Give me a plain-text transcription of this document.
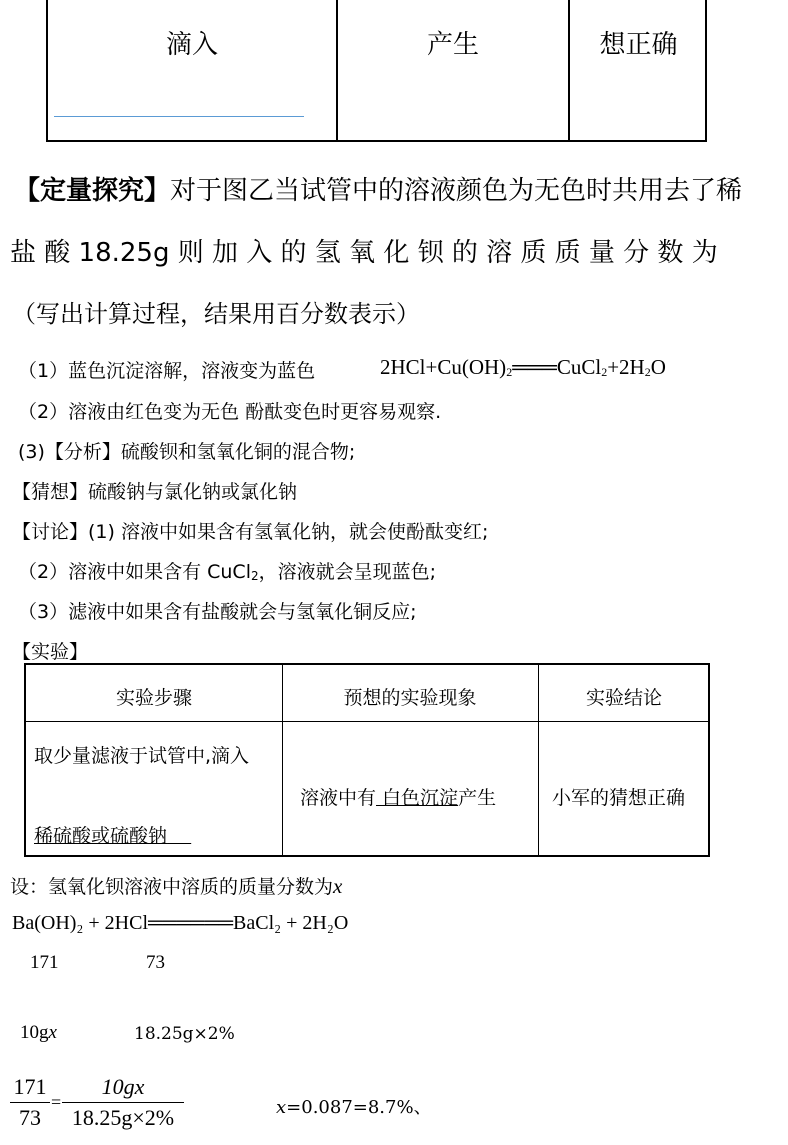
滴入	产生	想正确
【定量探究】对于图乙当试管中的溶液颜色为无色时共用去了稀
盐 酸 18.25g 则 加 入 的 氢 氧 化 钡 的 溶 质 质 量 分 数 为
（写出计算过程，结果用百分数表示）
（1）蓝色沉淀溶解，溶液变为蓝色	$2HCl+Cu(OH)_2═══CuCl_2+2H_2O$
（2）溶液由红色变为无色 酚酞变色时更容易观察.
(3)【分析】硫酸钡和氢氧化铜的混合物;
【猜想】硫酸钠与氯化钠或氯化钠
【讨论】(1) 溶液中如果含有氢氧化钠，就会使酚酞变红;
（2）溶液中如果含有 CuCl$_2$，溶液就会呈现蓝色;
（3）滤液中如果含有盐酸就会与氢氧化铜反应;
【实验】
实验步骤	预想的实验现象	实验结论
取少量滤液于试管中,滴入
稀硫酸或硫酸钠
溶液中有 白色沉淀产生	小军的猜想正确
设：氢氧化钡溶液中溶质的质量分数为x
Ba(OH)₂ + 2HCl══════BaCl₂ + 2H₂O
171	73
10gx	18.25g×2%
171
73
=
10gx
18.25g×2%	x=0.087=8.7%、
